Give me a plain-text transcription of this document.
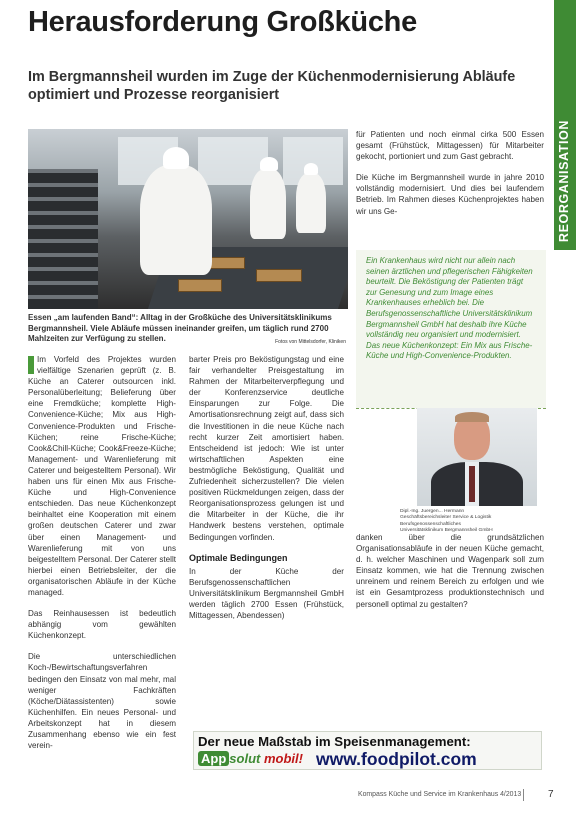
Herausforderung Großküche
Im Bergmannsheil wurden im Zuge der Küchenmodernisierung Abläufe optimiert und Prozesse reorganisiert
REORGANISATION
Essen „am laufenden Band“: Alltag in der Großküche des Universitätsklinikums Bergmannsheil. Viele Abläufe müssen ineinander greifen, um täglich rund 2700 Mahlzeiten zur Verfügung zu stellen.	Fotos von Mittelsdorfer, Kliniken

Im Vorfeld des Projektes wurden vielfältige Szenarien geprüft (z. B. Küche an Caterer outsourcen inkl. Personalüberleitung; Belieferung über eine Fremdküche; komplette High-Convenience-Küche; Mix aus High-Convenience-Produkten und Frische-Küchen; reine Frische-Küche; Cook&Chill-Küche; Cook&Freeze-Küche; Management- und Warenlieferung mit Caterer und beigestelltem Personal). Wir haben uns für einen Mix aus Frische-Küche und High-Convenience entschieden. Das neue Küchenkonzept beinhaltet eine Kooperation mit einem großen deutschen Caterer und zwar über einen Management- und Warenlieferung mit von uns beigestelltem Personal. Der Caterer stellt hierbei einen Betriebsleiter, der die organisatorischen Abläufe in der Küche managed.

Das Reinhausessen ist bedeutlich abhängig vom gewählten Küchenkonzept.

Die unterschiedlichen Koch-/Bewirtschaftungsverfahren bedingen den Einsatz von mal mehr, mal weniger Fachkräften (Köche/Diätassistenten) sowie Küchenhilfen. Ein neues Personal- und Arbeitskonzept hat in diesem Zusammenhang ebenso wie ein fest verein-

barter Preis pro Beköstigungstag und eine fair verhandelter Preisgestaltung im Rahmen der Mitarbeiterverpflegung und der Konferenzservice deutliche Einsparungen zur Folge. Die Amortisationsrechnung zeigt auf, dass sich die Investitionen in die neue Küche nach recht kurzer Zeit amortisiert haben. Entscheidend ist jedoch: Wie ist unter wirtschaftlichen Aspekten eine bestmögliche Beköstigung, Qualität und Zufriedenheit sicherzustellen? Die vielen positiven Rückmeldungen zeigen, dass der Reorganisationsprozess gelungen ist und die Mitarbeiter in der Küche, die ihr Handwerk bestens verstehen, optimale Bedingungen vorfinden.

Optimale Bedingungen

In der Küche der Berufsgenossenschaftlichen Universitätsklinikum Bergmannsheil GmbH werden täglich 2700 Essen (Frühstück, Mittagessen, Abendessen)

für Patienten und noch einmal cirka 500 Essen gesamt (Frühstück, Mittagessen) für Mitarbeiter gekocht, portioniert und zum Gast gebracht.

Die Küche im Bergmannsheil wurde in jahre 2010 vollständig modernisiert. Und dies bei laufendem Betrieb. Im Rahmen dieses Küchenprojektes haben wir uns Ge-

Ein Krankenhaus wird nicht nur allein nach seinen ärztlichen und pflegerischen Fähigkeiten beurteilt. Die Beköstigung der Patienten trägt zur Genesung und zum Image eines Krankenhauses erheblich bei. Die Berufsgenossenschaftliche Universitätsklinikum Bergmannsheil GmbH hat deshalb ihre Küche vollständig neu organisiert und modernisiert. Das neue Küchenkonzept: Ein Mix aus Frische-Küche und High-Convenience-Produkten.

Dipl.-Ing. Juergen... Hermann
Geschäftsbereichsleiter Service & Logistik
Berufsgenossenschaftliches
Universitätsklinikum Bergmannsheil GmbH

danken über die grundsätzlichen Organisationsabläufe in der neuen Küche gemacht, d. h. welcher Maschinen und Wagenpark soll zum Einsatz kommen, wie hat die Trennung zwischen unreinem und reinem Bereich zu erfolgen und wie ist ein Gesamtprozess produktionstechnisch und personell optimal zu gestalten?

Der neue Maßstab im Speisenmanagement:
App solut mobil! www.foodpilot.com
Kompass Küche und Service im Krankenhaus 4/2013	7
